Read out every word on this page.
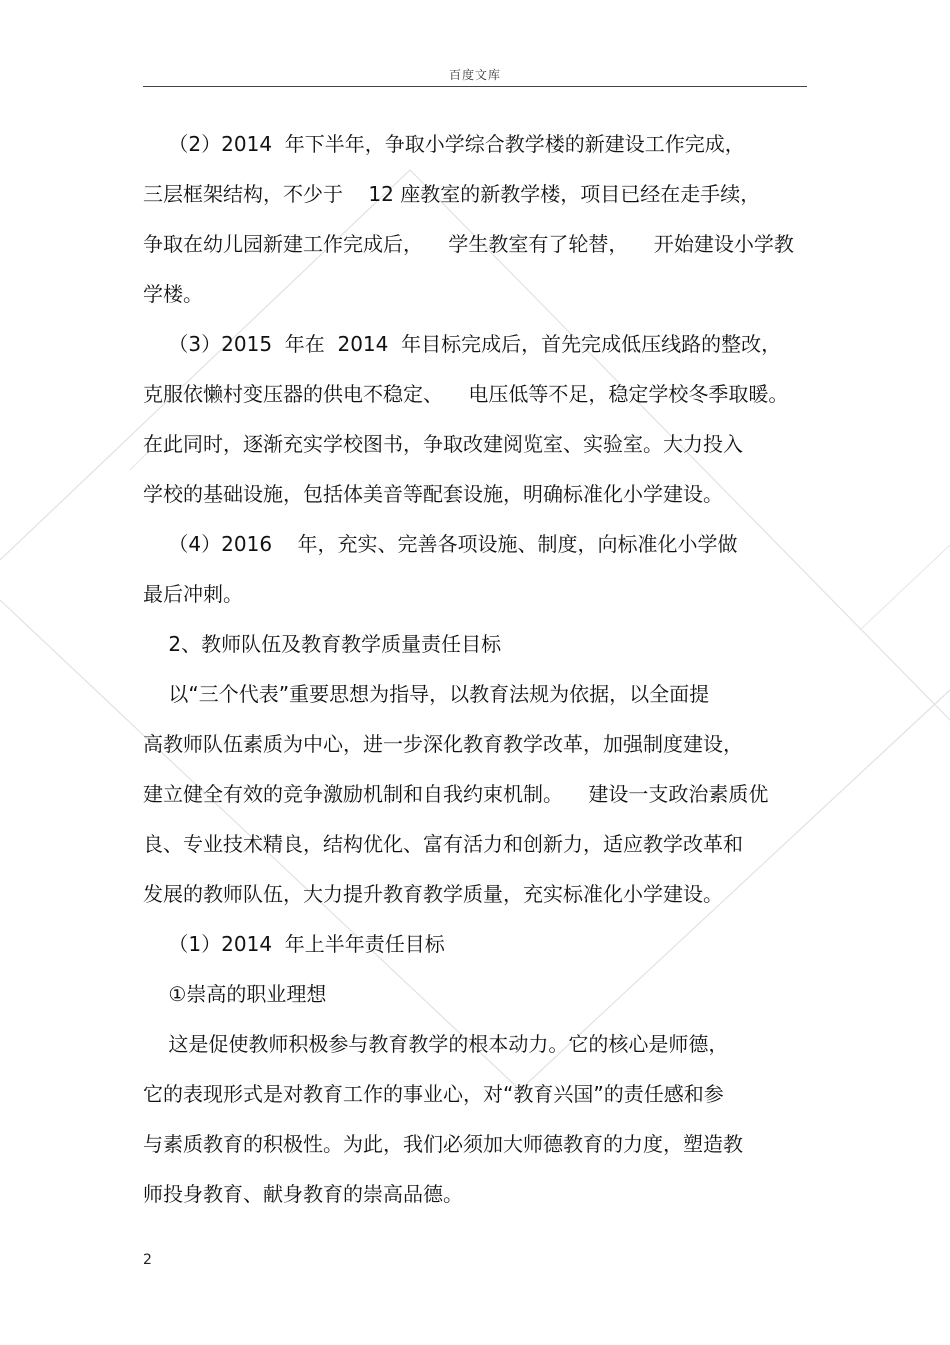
百度文库
（2）2014  年下半年，争取小学综合教学楼的新建设工作完成，
三层框架结构，不少于    12 座教室的新教学楼，项目已经在走手续，
争取在幼儿园新建工作完成后，    学生教室有了轮替，    开始建设小学教
学楼。
（3）2015  年在  2014  年目标完成后，首先完成低压线路的整改，
克服依懒村变压器的供电不稳定、    电压低等不足，稳定学校冬季取暖。
在此同时，逐渐充实学校图书，争取改建阅览室、实验室。大力投入
学校的基础设施，包括体美音等配套设施，明确标准化小学建设。
（4）2016    年，充实、完善各项设施、制度，向标准化小学做
最后冲刺。
2、教师队伍及教育教学质量责任目标
以“三个代表”重要思想为指导，以教育法规为依据，以全面提
高教师队伍素质为中心，进一步深化教育教学改革，加强制度建设，
建立健全有效的竞争激励机制和自我约束机制。    建设一支政治素质优
良、专业技术精良，结构优化、富有活力和创新力，适应教学改革和
发展的教师队伍，大力提升教育教学质量，充实标准化小学建设。
（1）2014  年上半年责任目标
①崇高的职业理想
这是促使教师积极参与教育教学的根本动力。它的核心是师德，
它的表现形式是对教育工作的事业心，对“教育兴国”的责任感和参
与素质教育的积极性。为此，我们必须加大师德教育的力度，塑造教
师投身教育、献身教育的崇高品德。
2
